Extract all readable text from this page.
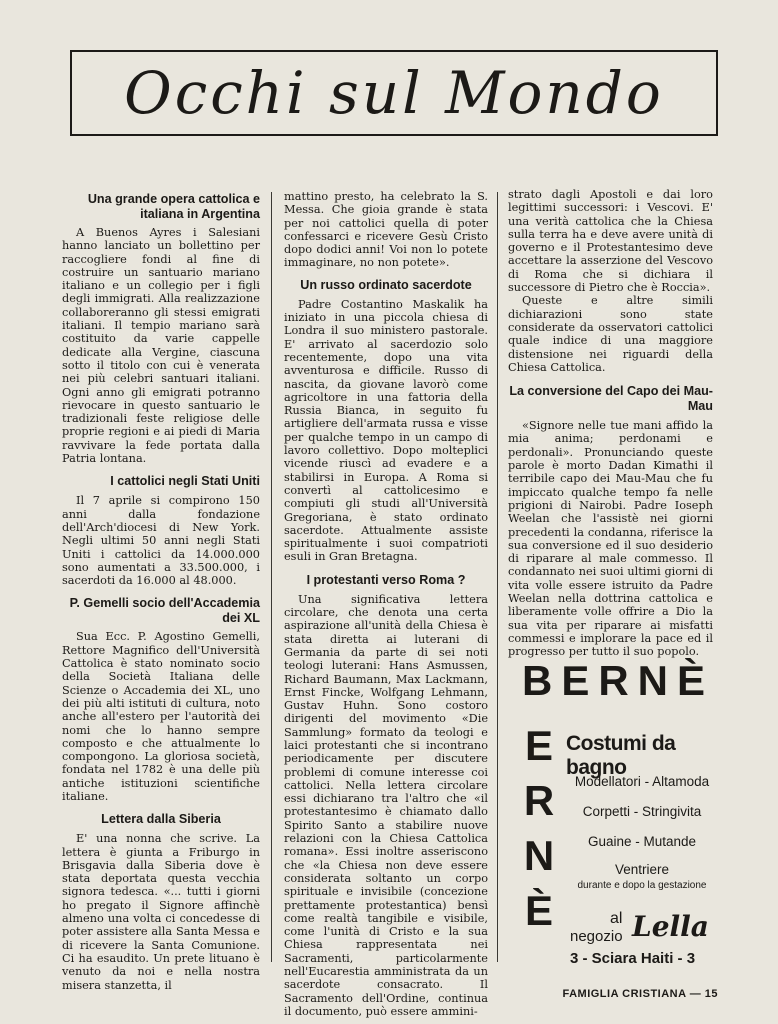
Occhi sul Mondo
Una grande opera cattolica e italiana in Argentina

A Buenos Ayres i Salesiani hanno lanciato un bollettino per raccogliere fondi al fine di costruire un santuario mariano italiano e un collegio per i figli degli immigrati. Alla realizzazione collaboreranno gli stessi emigrati italiani. Il tempio mariano sarà costituito da varie cappelle dedicate alla Vergine, ciascuna sotto il titolo con cui è venerata nei più celebri santuari italiani. Ogni anno gli emigrati potranno rievocare in questo santuario le tradizionali feste religiose delle proprie regioni e ai piedi di Maria ravvivare la fede portata dalla Patria lontana.

I cattolici negli Stati Uniti

Il 7 aprile si compirono 150 anni dalla fondazione dell'Arch'diocesi di New York. Negli ultimi 50 anni negli Stati Uniti i cattolici da 14.000.000 sono aumentati a 33.500.000, i sacerdoti da 16.000 al 48.000.

P. Gemelli socio dell'Accademia dei XL

Sua Ecc. P. Agostino Gemelli, Rettore Magnifico dell'Università Cattolica è stato nominato socio della Società Italiana delle Scienze o Accademia dei XL, uno dei più alti istituti di cultura, noto anche all'estero per l'autorità dei nomi che lo hanno sempre composto e che attualmente lo compongono. La gloriosa società, fondata nel 1782 è una delle più antiche istituzioni scientifiche italiane.

Lettera dalla Siberia

E' una nonna che scrive. La lettera è giunta a Friburgo in Brisgavia dalla Siberia dove è stata deportata questa vecchia signora tedesca. «... tutti i giorni ho pregato il Signore affinchè almeno una volta ci concedesse di poter assistere alla Santa Messa e di ricevere la Santa Comunione. Ci ha esaudito. Un prete lituano è venuto da noi e nella nostra misera stanzetta, il

mattino presto, ha celebrato la S. Messa. Che gioia grande è stata per noi cattolici quella di poter confessarci e ricevere Gesù Cristo dopo dodici anni! Voi non lo potete immaginare, no non potete».

Un russo ordinato sacerdote

Padre Costantino Maskalik ha iniziato in una piccola chiesa di Londra il suo ministero pastorale. E' arrivato al sacerdozio solo recentemente, dopo una vita avventurosa e difficile. Russo di nascita, da giovane lavorò come agricoltore in una fattoria della Russia Bianca, in seguito fu artigliere dell'armata russa e visse per qualche tempo in un campo di lavoro collettivo. Dopo molteplici vicende riuscì ad evadere e a stabilirsi in Europa. A Roma si convertì al cattolicesimo e compiuti gli studi all'Università Gregoriana, è stato ordinato sacerdote. Attualmente assiste spiritualmente i suoi compatrioti esuli in Gran Bretagna.

I protestanti verso Roma ?

Una significativa lettera circolare, che denota una certa aspirazione all'unità della Chiesa è stata diretta ai luterani di Germania da parte di sei noti teologi luterani: Hans Asmussen, Richard Baumann, Max Lackmann, Ernst Fincke, Wolfgang Lehmann, Gustav Huhn. Sono costoro dirigenti del movimento «Die Sammlung» formato da teologi e laici protestanti che si incontrano periodicamente per discutere problemi di comune interesse coi cattolici. Nella lettera circolare essi dichiarano tra l'altro che «il protestantesimo è chiamato dallo Spirito Santo a stabilire nuove relazioni con la Chiesa Cattolica romana». Essi inoltre asseriscono che «la Chiesa non deve essere considerata soltanto un corpo spirituale e invisibile (concezione prettamente protestantica) bensì come realtà tangibile e visibile, come l'unità di Cristo e la sua Chiesa rappresentata nei Sacramenti, particolarmente nell'Eucarestia amministrata da un sacerdote consacrato. Il Sacramento dell'Ordine, continua il documento, può essere ammini-

strato dagli Apostoli e dai loro legittimi successori: i Vescovi. E' una verità cattolica che la Chiesa sulla terra ha e deve avere unità di governo e il Protestantesimo deve accettare la asserzione del Vescovo di Roma che si dichiara il successore di Pietro che è Roccia».

Queste e altre simili dichiarazioni sono state considerate da osservatori cattolici quale indice di una maggiore distensione nei riguardi della Chiesa Cattolica.

La conversione del Capo dei Mau-Mau

«Signore nelle tue mani affido la mia anima; perdonami e perdonali». Pronunciando queste parole è morto Dadan Kimathi il terribile capo dei Mau-Mau che fu impiccato qualche tempo fa nelle prigioni di Nairobi. Padre Ioseph Weelan che l'assistè nei giorni precedenti la condanna, riferisce la sua conversione ed il suo desiderio di riparare al male commesso. Il condannato nei suoi ultimi giorni di vita volle essere istruito da Padre Weelan nella dottrina cattolica e liberamente volle offrire a Dio la sua vita per riparare ai misfatti commessi e implorare la pace ed il progresso per tutto il suo popolo.

BERNÈ
E
R
N
È
Costumi da bagno
Modellatori - Altamoda
Corpetti - Stringivita
Guaine - Mutande
Ventriere
durante e dopo la gestazione
al
negozio Lella
3 - Sciara Haiti - 3
FAMIGLIA CRISTIANA — 15
